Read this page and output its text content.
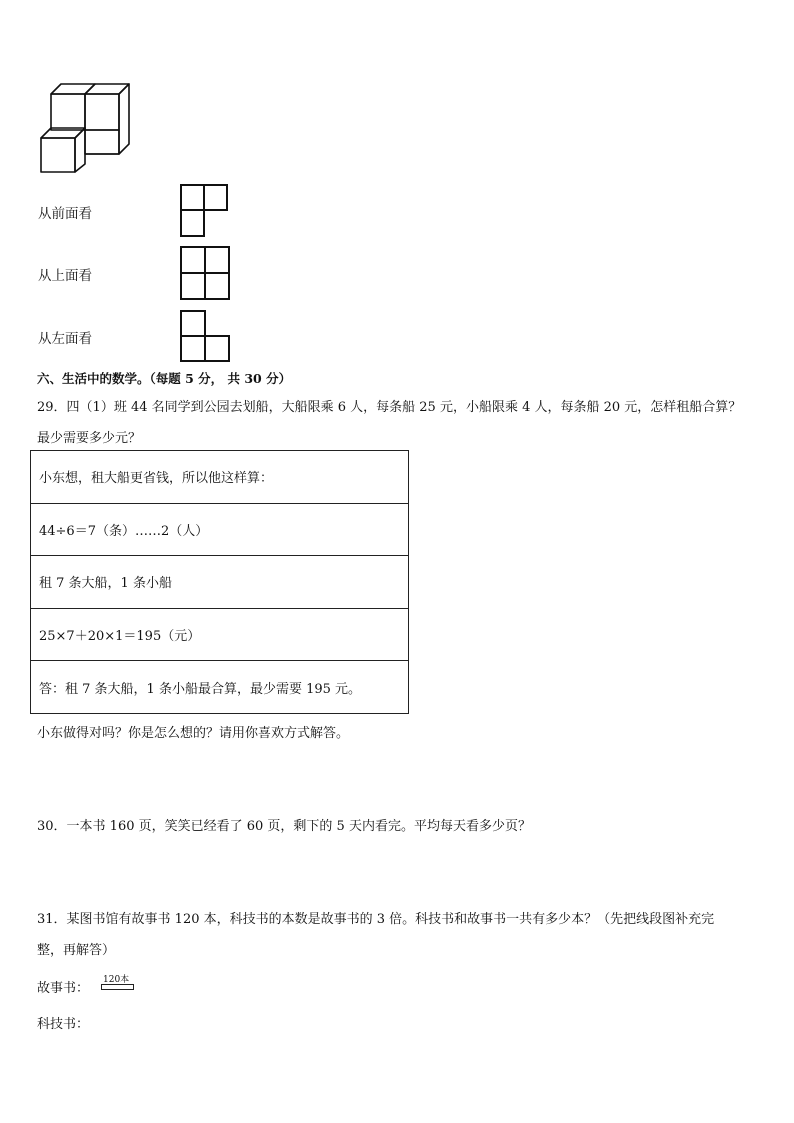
从前面看
从上面看
从左面看
六、生活中的数学。（每题 5 分， 共 30 分）
29．四（1）班 44 名同学到公园去划船，大船限乘 6 人，每条船 25 元，小船限乘 4 人，每条船 20 元，怎样租船合算？
最少需要多少元？
小东想，租大船更省钱，所以他这样算：
44÷6＝7（条）……2（人）
租 7 条大船，1 条小船
25×7＋20×1＝195（元）
答：租 7 条大船，1 条小船最合算，最少需要 195 元。
小东做得对吗？你是怎么想的？请用你喜欢方式解答。
30．一本书 160 页，笑笑已经看了 60 页，剩下的 5 天内看完。平均每天看多少页？
31．某图书馆有故事书 120 本，科技书的本数是故事书的 3 倍。科技书和故事书一共有多少本？（先把线段图补充完
整，再解答）
故事书：
120本
科技书：
